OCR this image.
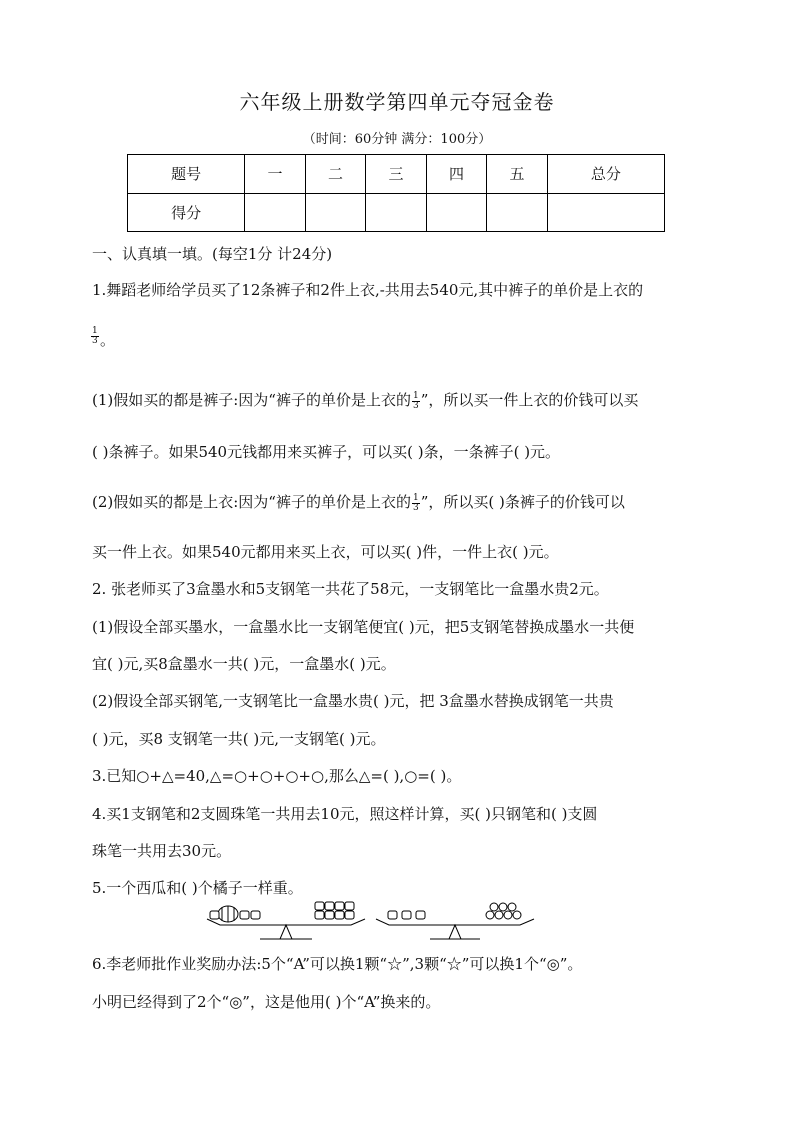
六年级上册数学第四单元夺冠金卷
（时间：60分钟 满分：100分）
题号	一	二	三	四	五	总分
得分						
一、认真填一填。(每空1分 计24分)
1.舞蹈老师给学员买了12条裤子和2件上衣,-共用去540元,其中裤子的单价是上衣的
$\frac{1}{3}$ 。
(1)假如买的都是裤子:因为“裤子的单价是上衣的 $\frac{1}{3}$ ”，所以买一件上衣的价钱可以买
( )条裤子。如果540元钱都用来买裤子，可以买( )条，一条裤子( )元。
(2)假如买的都是上衣:因为“裤子的单价是上衣的 $\frac{1}{3}$ ”，所以买( )条裤子的价钱可以
买一件上衣。如果540元都用来买上衣，可以买( )件，一件上衣( )元。
2. 张老师买了3盒墨水和5支钢笔一共花了58元，一支钢笔比一盒墨水贵2元。
(1)假设全部买墨水，一盒墨水比一支钢笔便宜( )元，把5支钢笔替换成墨水一共便
宜( )元,买8盒墨水一共( )元，一盒墨水( )元。
(2)假设全部买钢笔,一支钢笔比一盒墨水贵( )元，把 3盒墨水替换成钢笔一共贵
( )元，买8 支钢笔一共( )元,一支钢笔( )元。
3.已知○+△=40,△=○+○+○+○,那么△=( ),○=( )。
4.买1支钢笔和2支圆珠笔一共用去10元，照这样计算，买( )只钢笔和( )支圆
珠笔一共用去30元。
5.一个西瓜和( )个橘子一样重。
6.李老师批作业奖励办法:5个“A”可以换1颗“☆”,3颗“☆”可以换1个“◎”。
小明已经得到了2个“◎”，这是他用( )个“A”换来的。
